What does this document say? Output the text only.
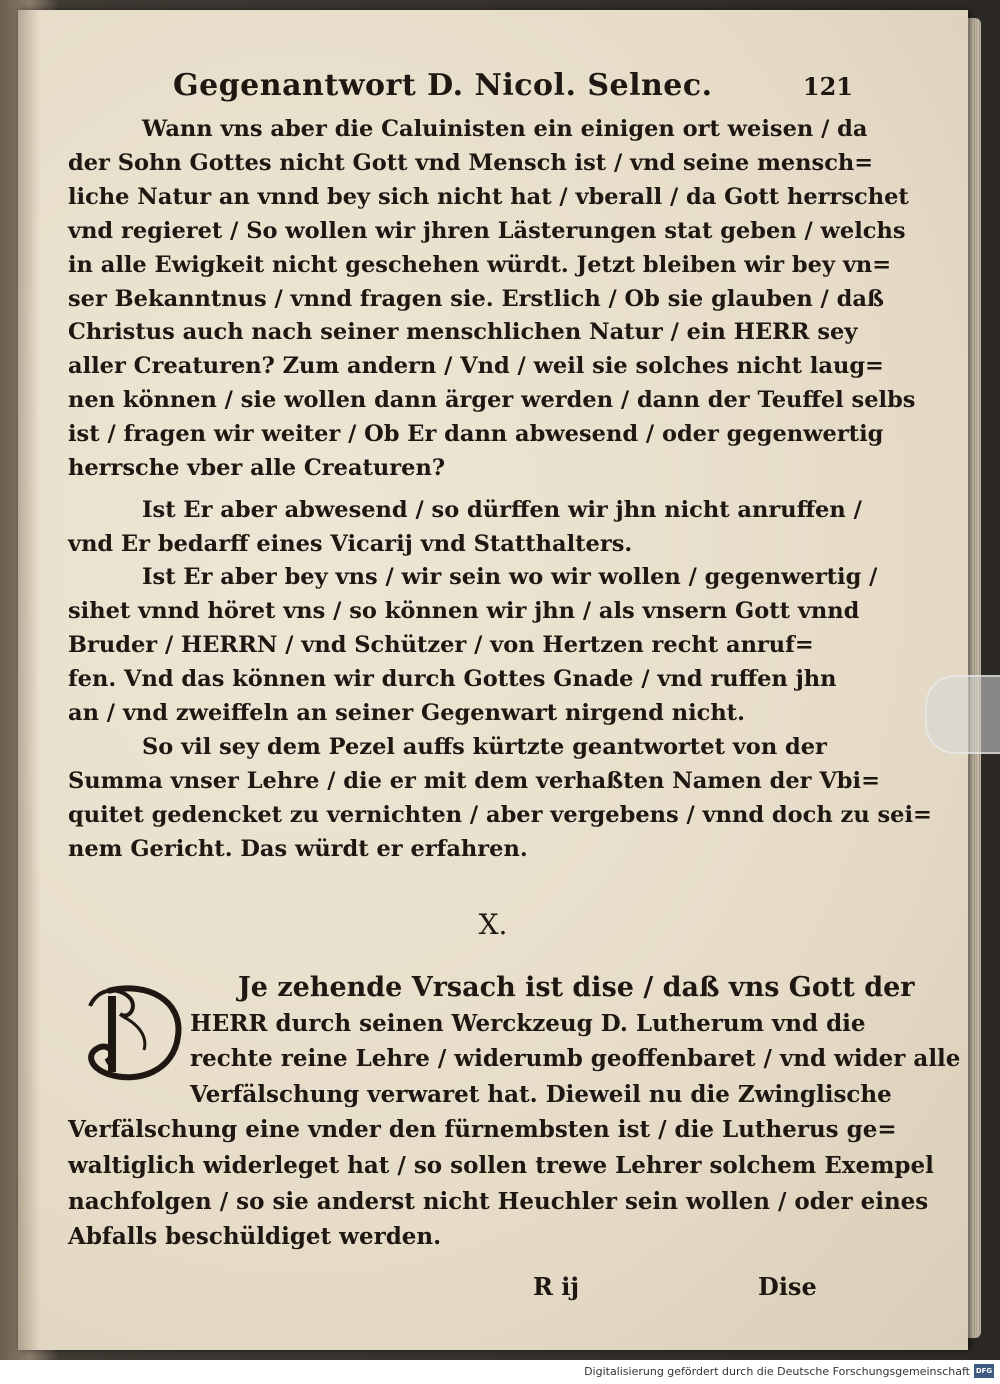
Gegenantwort D. Nicol. Selnec.	121
Wann vns aber die Caluinisten ein einigen ort weisen / da
der Sohn Gottes nicht Gott vnd Mensch ist / vnd seine mensch=
liche Natur an vnnd bey sich nicht hat / vberall / da Gott herrschet
vnd regieret / So wollen wir jhren Lästerungen stat geben / welchs
in alle Ewigkeit nicht geschehen würdt. Jetzt bleiben wir bey vn=
ser Bekanntnus / vnnd fragen sie. Erstlich / Ob sie glauben / daß
Christus auch nach seiner menschlichen Natur / ein HERR sey
aller Creaturen? Zum andern / Vnd / weil sie solches nicht laug=
nen können / sie wollen dann ärger werden / dann der Teuffel selbs
ist / fragen wir weiter / Ob Er dann abwesend / oder gegenwertig
herrsche vber alle Creaturen?
Ist Er aber abwesend / so dürffen wir jhn nicht anruffen /
vnd Er bedarff eines Vicarij vnd Statthalters.
Ist Er aber bey vns / wir sein wo wir wollen / gegenwertig /
sihet vnnd höret vns / so können wir jhn / als vnsern Gott vnnd
Bruder / HERRN / vnd Schützer / von Hertzen recht anruf=
fen. Vnd das können wir durch Gottes Gnade / vnd ruffen jhn
an / vnd zweiffeln an seiner Gegenwart nirgend nicht.
So vil sey dem Pezel auffs kürtzte geantwortet von der
Summa vnser Lehre / die er mit dem verhaßten Namen der Vbi=
quitet gedencket zu vernichten / aber vergebens / vnnd doch zu sei=
nem Gericht. Das würdt er erfahren.
X.
Je zehende Vrsach ist dise / daß vns Gott der
HERR durch seinen Werckzeug D. Lutherum vnd die
rechte reine Lehre / widerumb geoffenbaret / vnd wider alle
Verfälschung verwaret hat. Dieweil nu die Zwinglische
Verfälschung eine vnder den fürnembsten ist / die Lutherus ge=
waltiglich widerleget hat / so sollen trewe Lehrer solchem Exempel
nachfolgen / so sie anderst nicht Heuchler sein wollen / oder eines
Abfalls beschüldiget werden.
R ij	Dise
Digitalisierung gefördert durch die Deutsche Forschungsgemeinschaft DFG
